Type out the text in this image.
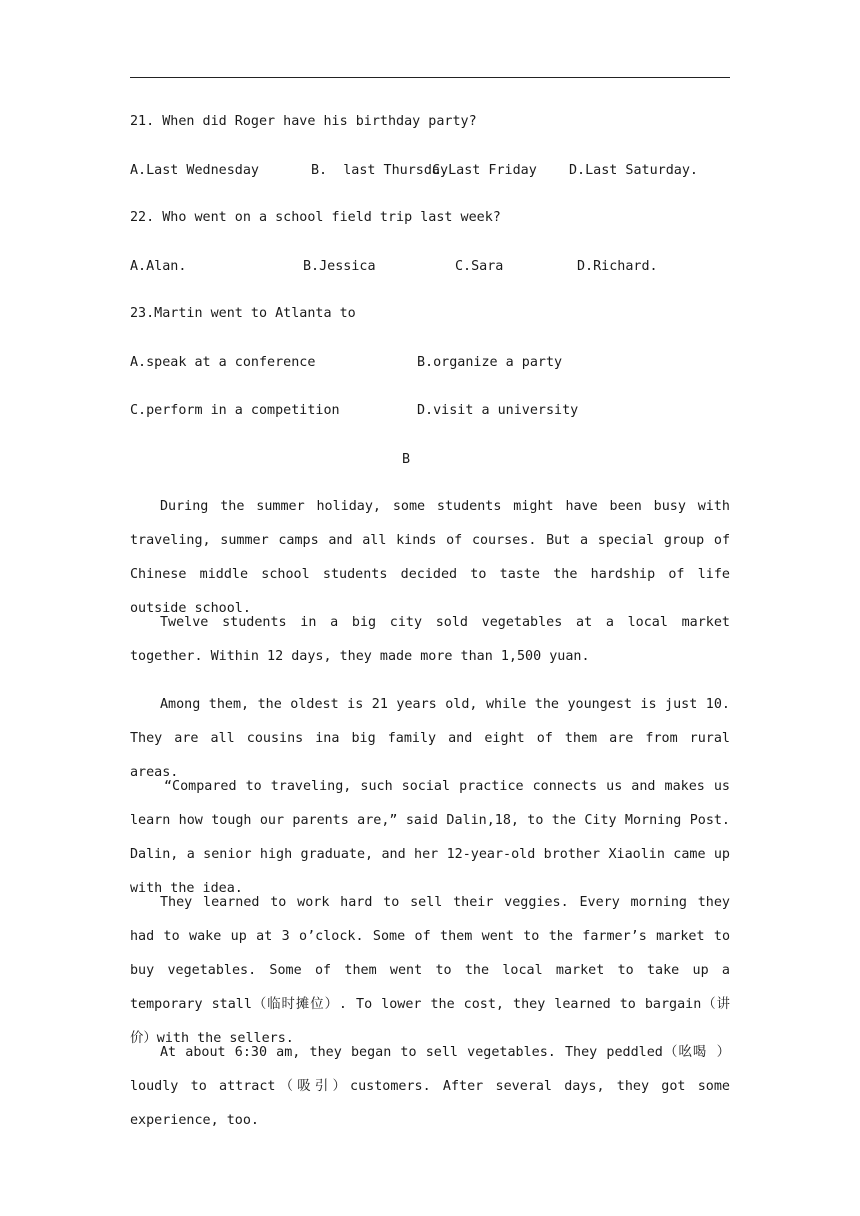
21. When did Roger have his birthday party?
A.Last Wednesday	B.  last Thursday
C.Last Friday D.Last Saturday.
22. Who went on a school field trip last week?
A.Alan.	B.Jessica	C.Sara	D.Richard.
23.Martin went to Atlanta to
A.speak at a conference	B.organize a party
C.perform in a competition	D.visit a university
B
During the summer holiday, some students might have been busy with traveling, summer camps and all kinds of courses. But a special group of Chinese middle school students decided to taste the hardship of life outside school.
Twelve students in a big city sold vegetables at a local market together. Within 12 days, they made more than 1,500 yuan.
Among them, the oldest is 21 years old, while the youngest is just 10. They are all cousins ina big family and eight of them are from rural areas.
“Compared to traveling, such social practice connects us and makes us learn how tough our parents are,” said Dalin,18, to the City Morning Post. Dalin, a senior high graduate, and her 12-year-old brother Xiaolin came up with the idea.
They learned to work hard to sell their veggies. Every morning they had to wake up at 3 o’clock. Some of them went to the farmer’s market to buy vegetables. Some of them went to the local market to take up a temporary stall（临时摊位）. To lower the cost, they learned to bargain（讲价）with the sellers.
At about 6:30 am, they began to sell vegetables. They peddled（吆喝 ）loudly to attract（吸引）customers. After several days, they got some experience, too.
